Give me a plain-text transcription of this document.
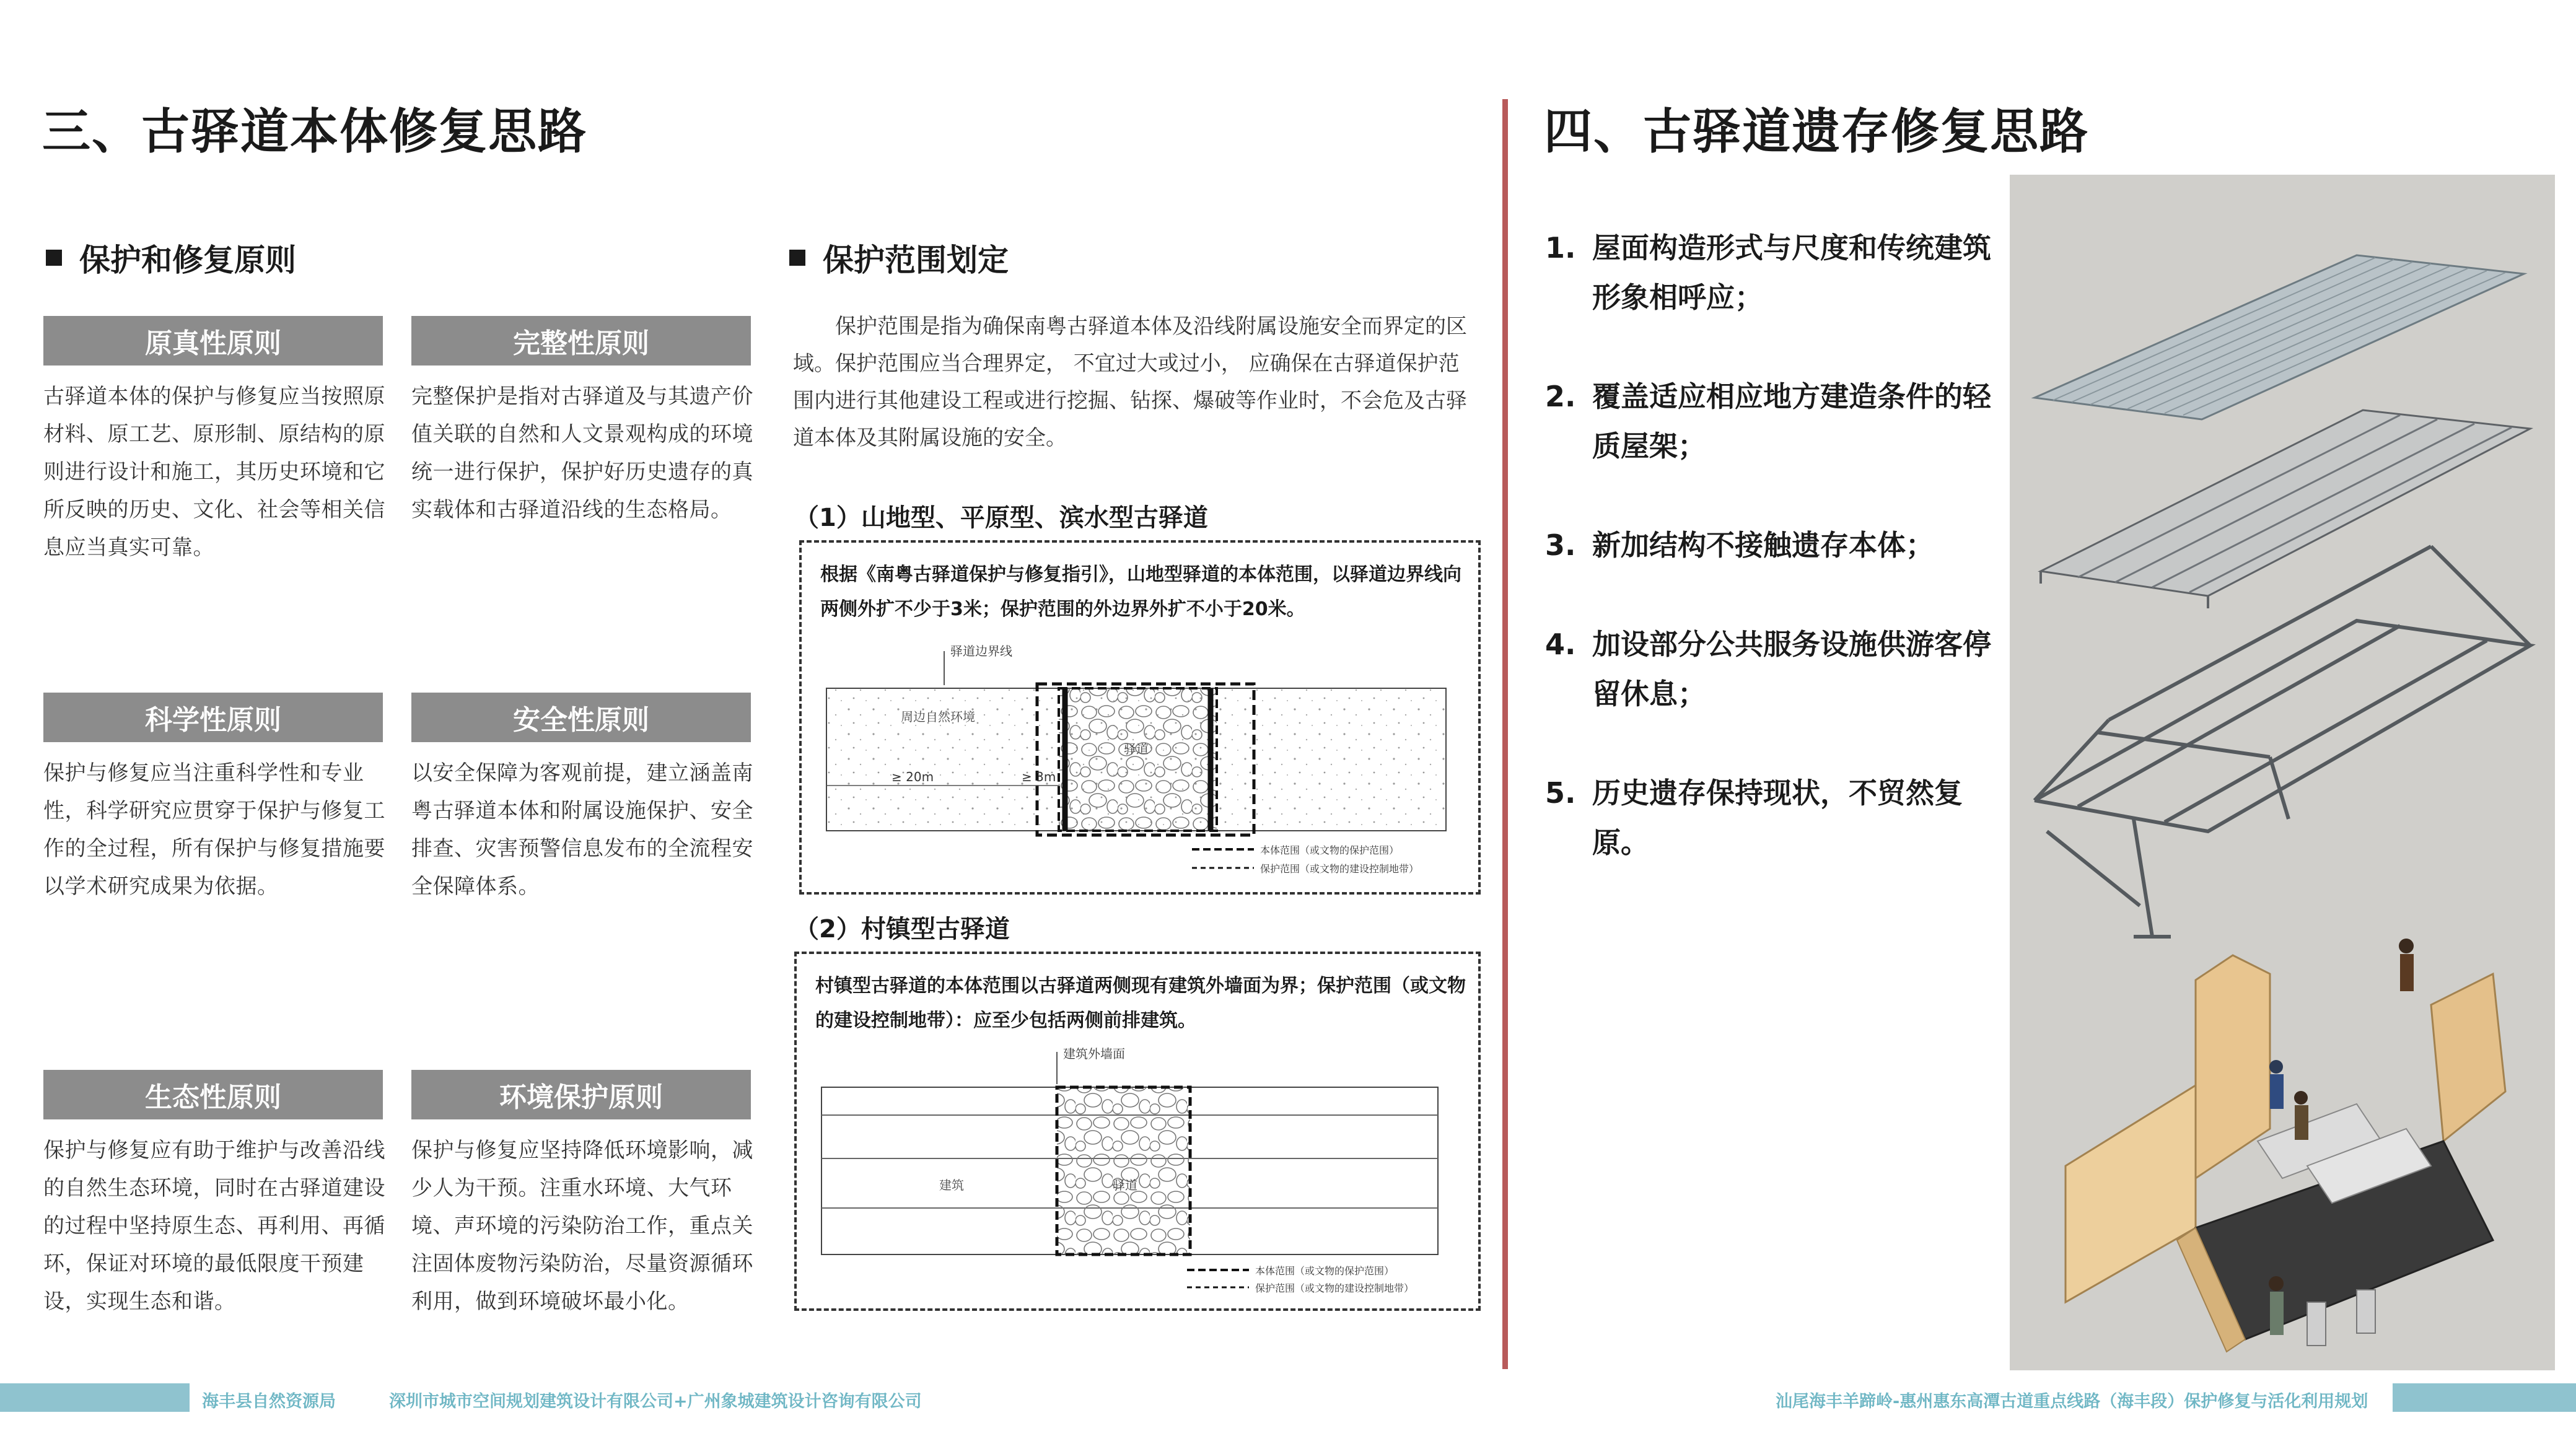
三、古驿道本体修复思路
保护和修复原则
原真性原则
古驿道本体的保护与修复应当按照原材料、原工艺、原形制、原结构的原则进行设计和施工，其历史环境和它所反映的历史、文化、社会等相关信息应当真实可靠。
完整性原则
完整保护是指对古驿道及与其遗产价值关联的自然和人文景观构成的环境统一进行保护，保护好历史遗存的真实载体和古驿道沿线的生态格局。
科学性原则
保护与修复应当注重科学性和专业性，科学研究应贯穿于保护与修复工作的全过程，所有保护与修复措施要以学术研究成果为依据。
安全性原则
以安全保障为客观前提，建立涵盖南粤古驿道本体和附属设施保护、安全排查、灾害预警信息发布的全流程安全保障体系。
生态性原则
保护与修复应有助于维护与改善沿线的自然生态环境，同时在古驿道建设的过程中坚持原生态、再利用、再循环，保证对环境的最低限度干预建设，实现生态和谐。
环境保护原则
保护与修复应坚持降低环境影响，减少人为干预。注重水环境、大气环境、声环境的污染防治工作，重点关注固体废物污染防治，尽量资源循环利用，做到环境破坏最小化。
保护范围划定
保护范围是指为确保南粤古驿道本体及沿线附属设施安全而界定的区域。保护范围应当合理界定， 不宜过大或过小， 应确保在古驿道保护范围内进行其他建设工程或进行挖掘、钻探、爆破等作业时，不会危及古驿道本体及其附属设施的安全。
（1）山地型、平原型、滨水型古驿道
根据《南粤古驿道保护与修复指引》，山地型驿道的本体范围，以驿道边界线向两侧外扩不少于3米；保护范围的外边界外扩不小于20米。
驿道边界线
周边自然环境
驿道
≥ 20m	≥ 3m
本体范围（或文物的保护范围）
保护范围（或文物的建设控制地带）
（2）村镇型古驿道
村镇型古驿道的本体范围以古驿道两侧现有建筑外墙面为界；保护范围（或文物的建设控制地带）：应至少包括两侧前排建筑。
建筑外墙面
建筑	驿道
本体范围（或文物的保护范围）
保护范围（或文物的建设控制地带）
四、古驿道遗存修复思路
1. 屋面构造形式与尺度和传统建筑形象相呼应；
2. 覆盖适应相应地方建造条件的轻质屋架；
3. 新加结构不接触遗存本体；
4. 加设部分公共服务设施供游客停留休息；
5. 历史遗存保持现状，不贸然复原。
海丰县自然资源局	深圳市城市空间规划建筑设计有限公司+广州象城建筑设计咨询有限公司	汕尾海丰羊蹄岭-惠州惠东高潭古道重点线路（海丰段）保护修复与活化利用规划
